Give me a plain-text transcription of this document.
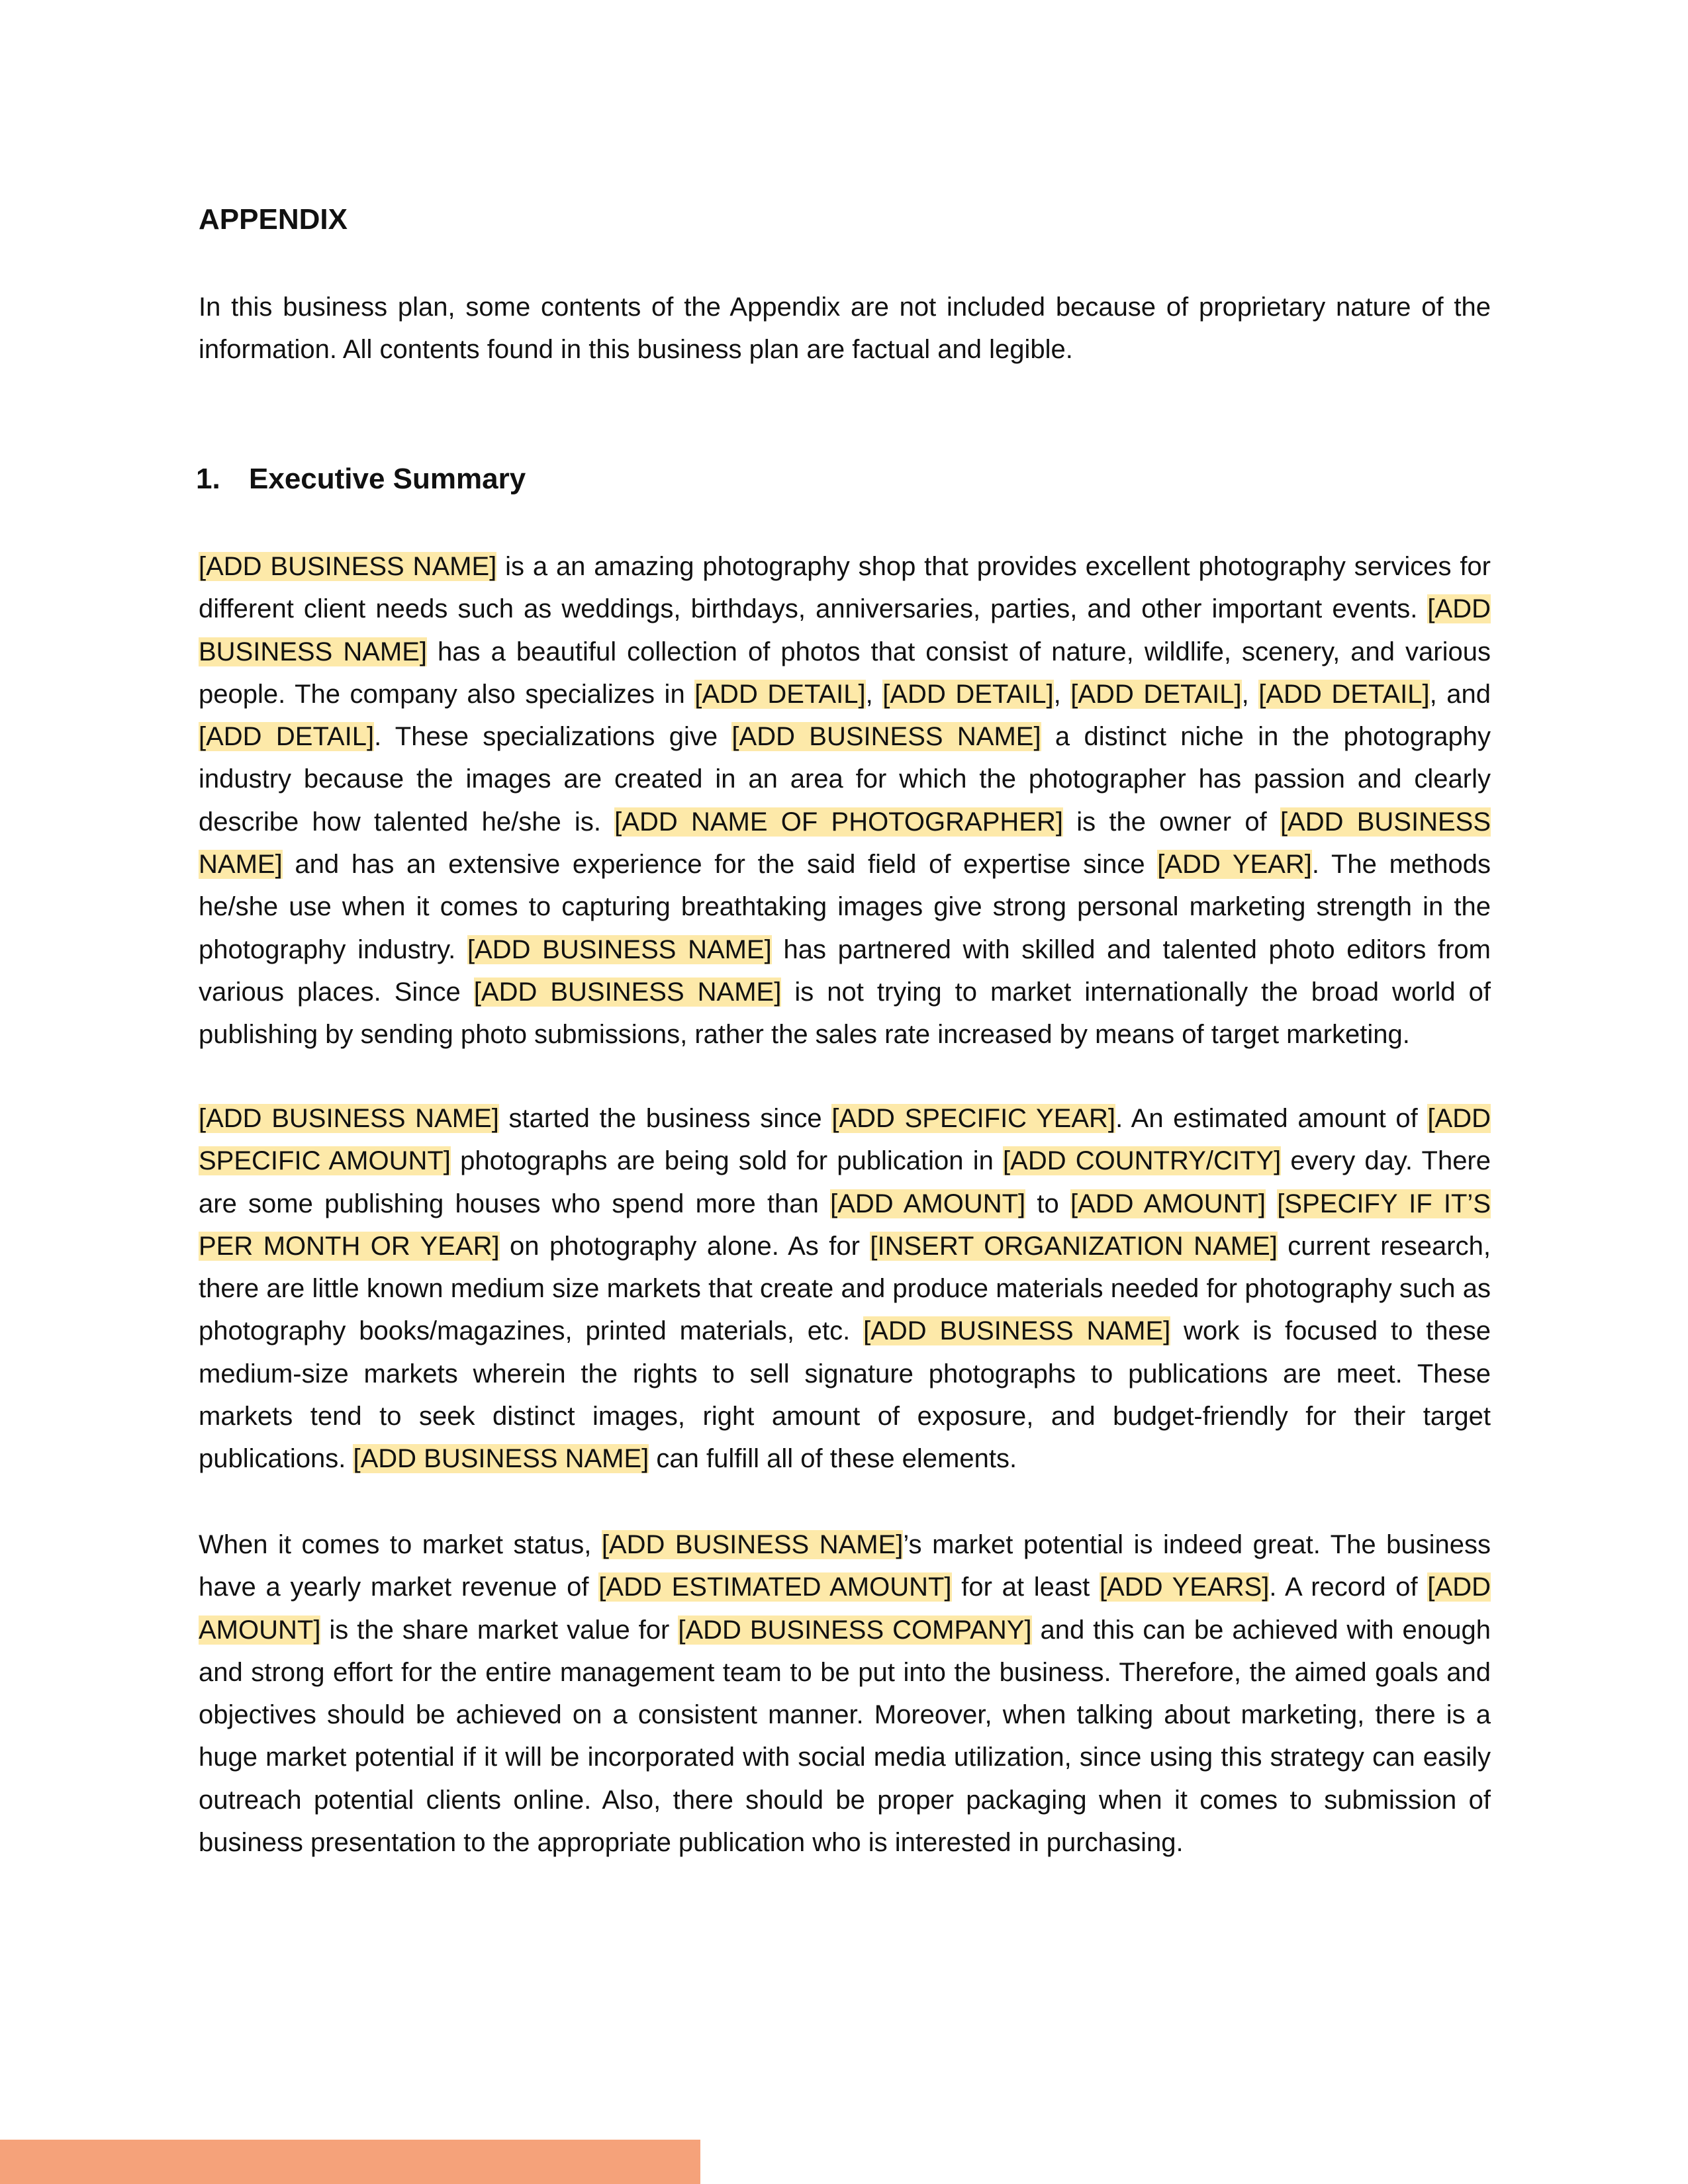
APPENDIX

In this business plan, some contents of the Appendix are not included because of proprietary nature of the information. All contents found in this business plan are factual and legible.

1. Executive Summary

[ADD BUSINESS NAME] is a an amazing photography shop that provides excellent photography services for different client needs such as weddings, birthdays, anniversaries, parties, and other important events. [ADD BUSINESS NAME] has a beautiful collection of photos that consist of nature, wildlife, scenery, and various people. The company also specializes in [ADD DETAIL], [ADD DETAIL], [ADD DETAIL], [ADD DETAIL], and [ADD DETAIL]. These specializations give [ADD BUSINESS NAME] a distinct niche in the photography industry because the images are created in an area for which the photographer has passion and clearly describe how talented he/she is. [ADD NAME OF PHOTOGRAPHER] is the owner of [ADD BUSINESS NAME] and has an extensive experience for the said field of expertise since [ADD YEAR]. The methods he/she use when it comes to capturing breathtaking images give strong personal marketing strength in the photography industry. [ADD BUSINESS NAME] has partnered with skilled and talented photo editors from various places. Since [ADD BUSINESS NAME] is not trying to market internationally the broad world of publishing by sending photo submissions, rather the sales rate increased by means of target marketing.

[ADD BUSINESS NAME] started the business since [ADD SPECIFIC YEAR]. An estimated amount of [ADD SPECIFIC AMOUNT] photographs are being sold for publication in [ADD COUNTRY/CITY] every day. There are some publishing houses who spend more than [ADD AMOUNT] to [ADD AMOUNT] [SPECIFY IF IT’S PER MONTH OR YEAR] on photography alone. As for [INSERT ORGANIZATION NAME] current research, there are little known medium size markets that create and produce materials needed for photography such as photography books/magazines, printed materials, etc. [ADD BUSINESS NAME] work is focused to these medium-size markets wherein the rights to sell signature photographs to publications are meet. These markets tend to seek distinct images, right amount of exposure, and budget-friendly for their target publications. [ADD BUSINESS NAME] can fulfill all of these elements.

When it comes to market status, [ADD BUSINESS NAME]’s market potential is indeed great. The business have a yearly market revenue of [ADD ESTIMATED AMOUNT] for at least [ADD YEARS]. A record of [ADD AMOUNT] is the share market value for [ADD BUSINESS COMPANY] and this can be achieved with enough and strong effort for the entire management team to be put into the business. Therefore, the aimed goals and objectives should be achieved on a consistent manner. Moreover, when talking about marketing, there is a huge market potential if it will be incorporated with social media utilization, since using this strategy can easily outreach potential clients online. Also, there should be proper packaging when it comes to submission of business presentation to the appropriate publication who is interested in purchasing.
